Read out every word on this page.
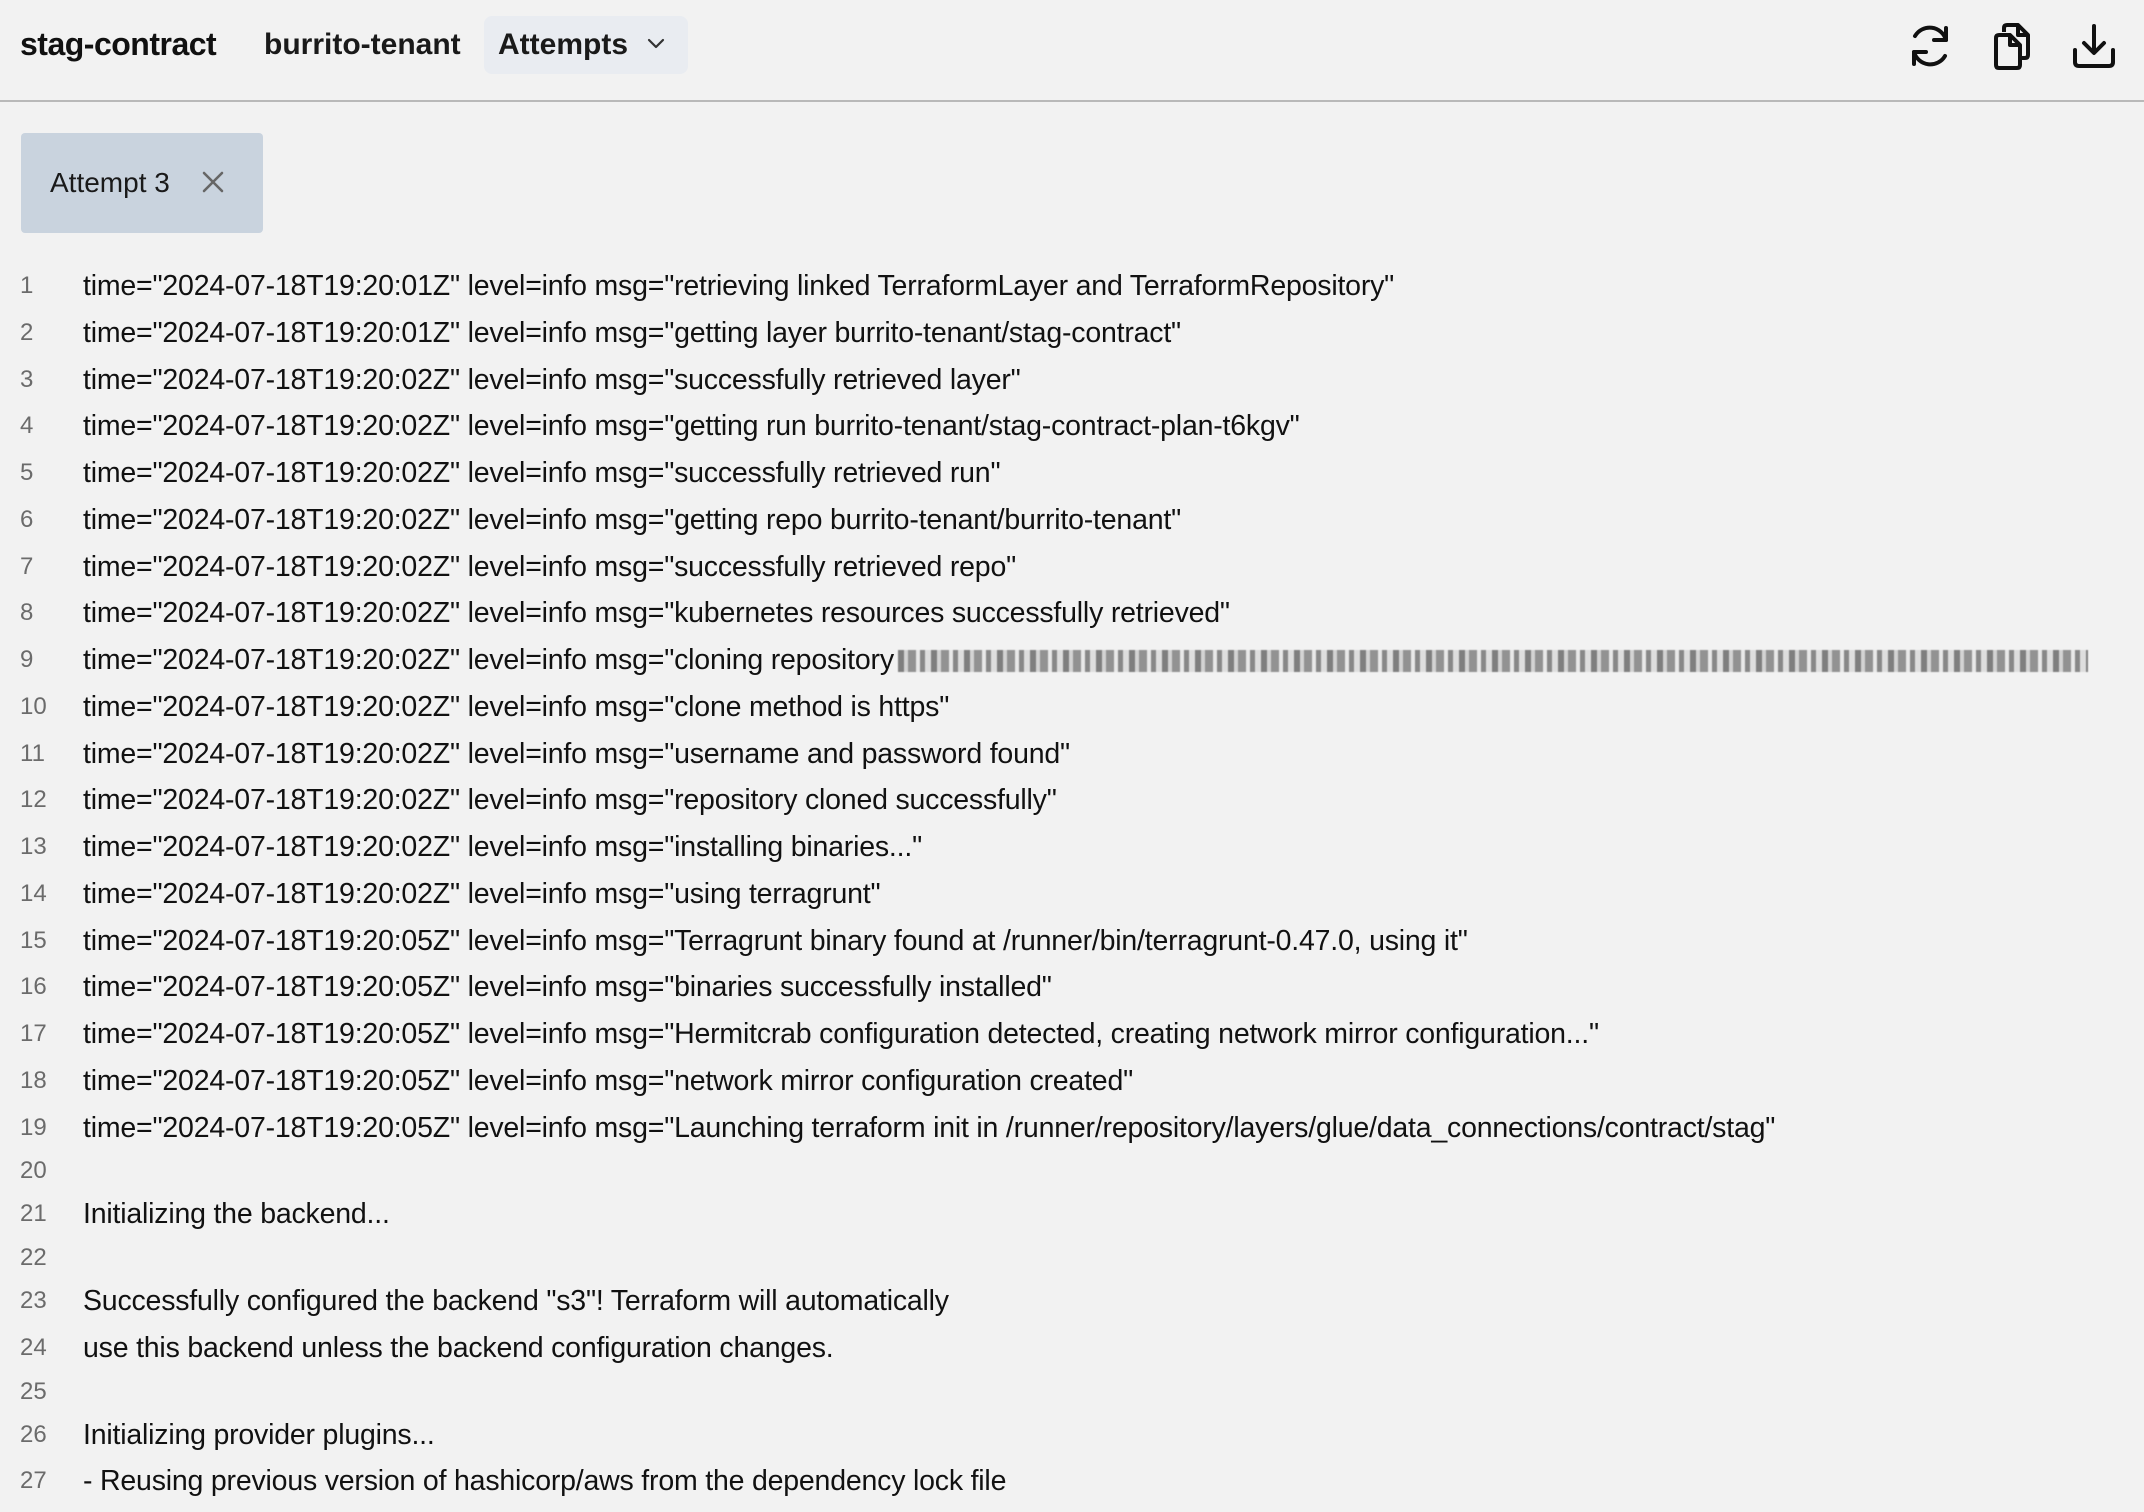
stag-contract burrito-tenant Attempts
Attempt 3
1	time="2024-07-18T19:20:01Z" level=info msg="retrieving linked TerraformLayer and TerraformRepository"
2	time="2024-07-18T19:20:01Z" level=info msg="getting layer burrito-tenant/stag-contract"
3	time="2024-07-18T19:20:02Z" level=info msg="successfully retrieved layer"
4	time="2024-07-18T19:20:02Z" level=info msg="getting run burrito-tenant/stag-contract-plan-t6kgv"
5	time="2024-07-18T19:20:02Z" level=info msg="successfully retrieved run"
6	time="2024-07-18T19:20:02Z" level=info msg="getting repo burrito-tenant/burrito-tenant"
7	time="2024-07-18T19:20:02Z" level=info msg="successfully retrieved repo"
8	time="2024-07-18T19:20:02Z" level=info msg="kubernetes resources successfully retrieved"
9	time="2024-07-18T19:20:02Z" level=info msg="cloning repository
10	time="2024-07-18T19:20:02Z" level=info msg="clone method is https"
11	time="2024-07-18T19:20:02Z" level=info msg="username and password found"
12	time="2024-07-18T19:20:02Z" level=info msg="repository cloned successfully"
13	time="2024-07-18T19:20:02Z" level=info msg="installing binaries..."
14	time="2024-07-18T19:20:02Z" level=info msg="using terragrunt"
15	time="2024-07-18T19:20:05Z" level=info msg="Terragrunt binary found at /runner/bin/terragrunt-0.47.0, using it"
16	time="2024-07-18T19:20:05Z" level=info msg="binaries successfully installed"
17	time="2024-07-18T19:20:05Z" level=info msg="Hermitcrab configuration detected, creating network mirror configuration..."
18	time="2024-07-18T19:20:05Z" level=info msg="network mirror configuration created"
19	time="2024-07-18T19:20:05Z" level=info msg="Launching terraform init in /runner/repository/layers/glue/data_connections/contract/stag"
20
21	Initializing the backend...
22
23	Successfully configured the backend "s3"! Terraform will automatically
24	use this backend unless the backend configuration changes.
25
26	Initializing provider plugins...
27	- Reusing previous version of hashicorp/aws from the dependency lock file
